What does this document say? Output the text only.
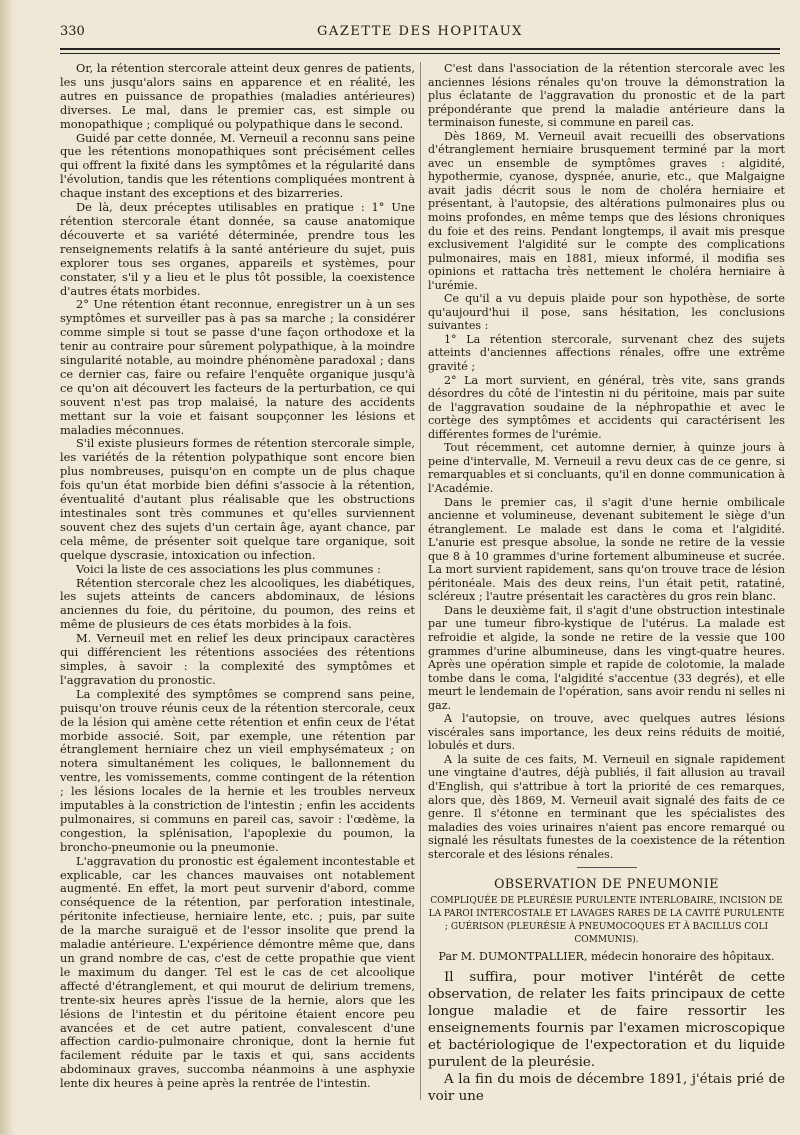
330	GAZETTE DES HOPITAUX

Or, la rétention stercorale atteint deux genres de patients, les uns jusqu'alors sains en apparence et en réalité, les autres en puissance de propathies (maladies antérieures) diverses. Le mal, dans le premier cas, est simple ou monopathique ; compliqué ou polypathique dans le second.

Guidé par cette donnée, M. Verneuil a reconnu sans peine que les rétentions monopathiques sont précisément celles qui offrent la fixité dans les symptômes et la régularité dans l'évolution, tandis que les rétentions compliquées montrent à chaque instant des exceptions et des bizarreries.

De là, deux préceptes utilisables en pratique : 1° Une rétention stercorale étant donnée, sa cause anatomique découverte et sa variété déterminée, prendre tous les renseignements relatifs à la santé antérieure du sujet, puis explorer tous ses organes, appareils et systèmes, pour constater, s'il y a lieu et le plus tôt possible, la coexistence d'autres états morbides.

2° Une rétention étant reconnue, enregistrer un à un ses symptômes et surveiller pas à pas sa marche ; la considérer comme simple si tout se passe d'une façon orthodoxe et la tenir au contraire pour sûrement polypathique, à la moindre singularité notable, au moindre phénomène paradoxal ; dans ce dernier cas, faire ou refaire l'enquête organique jusqu'à ce qu'on ait découvert les facteurs de la perturbation, ce qui souvent n'est pas trop malaisé, la nature des accidents mettant sur la voie et faisant soupçonner les lésions et maladies méconnues.

S'il existe plusieurs formes de rétention stercorale simple, les variétés de la rétention polypathique sont encore bien plus nombreuses, puisqu'on en compte un de plus chaque fois qu'un état morbide bien défini s'associe à la rétention, éventualité d'autant plus réalisable que les obstructions intestinales sont très communes et qu'elles surviennent souvent chez des sujets d'un certain âge, ayant chance, par cela même, de présenter soit quelque tare organique, soit quelque dyscrasie, intoxication ou infection.

Voici la liste de ces associations les plus communes :

Rétention stercorale chez les alcooliques, les diabétiques, les sujets atteints de cancers abdominaux, de lésions anciennes du foie, du péritoine, du poumon, des reins et même de plusieurs de ces états morbides à la fois.

M. Verneuil met en relief les deux principaux caractères qui différencient les rétentions associées des rétentions simples, à savoir : la complexité des symptômes et l'aggravation du pronostic.

La complexité des symptômes se comprend sans peine, puisqu'on trouve réunis ceux de la rétention stercorale, ceux de la lésion qui amène cette rétention et enfin ceux de l'état morbide associé. Soit, par exemple, une rétention par étranglement herniaire chez un vieil emphysémateux ; on notera simultanément les coliques, le ballonnement du ventre, les vomissements, comme contingent de la rétention ; les lésions locales de la hernie et les troubles nerveux imputables à la constriction de l'intestin ; enfin les accidents pulmonaires, si communs en pareil cas, savoir : l'œdème, la congestion, la splénisation, l'apoplexie du poumon, la broncho-pneumonie ou la pneumonie.

L'aggravation du pronostic est également incontestable et explicable, car les chances mauvaises ont notablement augmenté. En effet, la mort peut survenir d'abord, comme conséquence de la rétention, par perforation intestinale, péritonite infectieuse, herniaire lente, etc. ; puis, par suite de la marche suraiguë et de l'essor insolite que prend la maladie antérieure. L'expérience démontre même que, dans un grand nombre de cas, c'est de cette propathie que vient le maximum du danger. Tel est le cas de cet alcoolique affecté d'étranglement, et qui mourut de delirium tremens, trente-six heures après l'issue de la hernie, alors que les lésions de l'intestin et du péritoine étaient encore peu avancées et de cet autre patient, convalescent d'une affection cardio-pulmonaire chronique, dont la hernie fut facilement réduite par le taxis et qui, sans accidents abdominaux graves, succomba néanmoins à une asphyxie lente dix heures à peine après la rentrée de l'intestin.

C'est dans l'association de la rétention stercorale avec les anciennes lésions rénales qu'on trouve la démonstration la plus éclatante de l'aggravation du pronostic et de la part prépondérante que prend la maladie antérieure dans la terminaison funeste, si commune en pareil cas.

Dès 1869, M. Verneuil avait recueilli des observations d'étranglement herniaire brusquement terminé par la mort avec un ensemble de symptômes graves : algidité, hypothermie, cyanose, dyspnée, anurie, etc., que Malgaigne avait jadis décrit sous le nom de choléra herniaire et présentant, à l'autopsie, des altérations pulmonaires plus ou moins profondes, en même temps que des lésions chroniques du foie et des reins. Pendant longtemps, il avait mis presque exclusivement l'algidité sur le compte des complications pulmonaires, mais en 1881, mieux informé, il modifia ses opinions et rattacha très nettement le choléra herniaire à l'urémie.

Ce qu'il a vu depuis plaide pour son hypothèse, de sorte qu'aujourd'hui il pose, sans hésitation, les conclusions suivantes :

1° La rétention stercorale, survenant chez des sujets atteints d'anciennes affections rénales, offre une extrême gravité ;

2° La mort survient, en général, très vite, sans grands désordres du côté de l'intestin ni du péritoine, mais par suite de l'aggravation soudaine de la néphropathie et avec le cortège des symptômes et accidents qui caractérisent les différentes formes de l'urémie.

Tout récemment, cet automne dernier, à quinze jours à peine d'intervalle, M. Verneuil a revu deux cas de ce genre, si remarquables et si concluants, qu'il en donne communication à l'Académie.

Dans le premier cas, il s'agit d'une hernie ombilicale ancienne et volumineuse, devenant subitement le siège d'un étranglement. Le malade est dans le coma et l'algidité. L'anurie est presque absolue, la sonde ne retire de la vessie que 8 à 10 grammes d'urine fortement albumineuse et sucrée. La mort survient rapidement, sans qu'on trouve trace de lésion péritonéale. Mais des deux reins, l'un était petit, ratatiné, scléreux ; l'autre présentait les caractères du gros rein blanc.

Dans le deuxième fait, il s'agit d'une obstruction intestinale par une tumeur fibro-kystique de l'utérus. La malade est refroidie et algide, la sonde ne retire de la vessie que 100 grammes d'urine albumineuse, dans les vingt-quatre heures. Après une opération simple et rapide de colotomie, la malade tombe dans le coma, l'algidité s'accentue (33 degrés), et elle meurt le lendemain de l'opération, sans avoir rendu ni selles ni gaz.

A l'autopsie, on trouve, avec quelques autres lésions viscérales sans importance, les deux reins réduits de moitié, lobulés et durs.

A la suite de ces faits, M. Verneuil en signale rapidement une vingtaine d'autres, déjà publiés, il fait allusion au travail d'English, qui s'attribue à tort la priorité de ces remarques, alors que, dès 1869, M. Verneuil avait signalé des faits de ce genre. Il s'étonne en terminant que les spécialistes des maladies des voies urinaires n'aient pas encore remarqué ou signalé les résultats funestes de la coexistence de la rétention stercorale et des lésions rénales.

OBSERVATION DE PNEUMONIE

COMPLIQUÉE DE PLEURÉSIE PURULENTE INTERLOBAIRE, INCISION DE LA PAROI INTERCOSTALE ET LAVAGES RARES DE LA CAVITÉ PURULENTE ; GUÉRISON (PLEURÉSIE À PNEUMOCOQUES ET À BACILLUS COLI COMMUNIS).

Par M. DUMONTPALLIER, médecin honoraire des hôpitaux.

Il suffira, pour motiver l'intérêt de cette observation, de relater les faits principaux de cette longue maladie et de faire ressortir les enseignements fournis par l'examen microscopique et bactériologique de l'expectoration et du liquide purulent de la pleurésie.

A la fin du mois de décembre 1891, j'étais prié de voir une
